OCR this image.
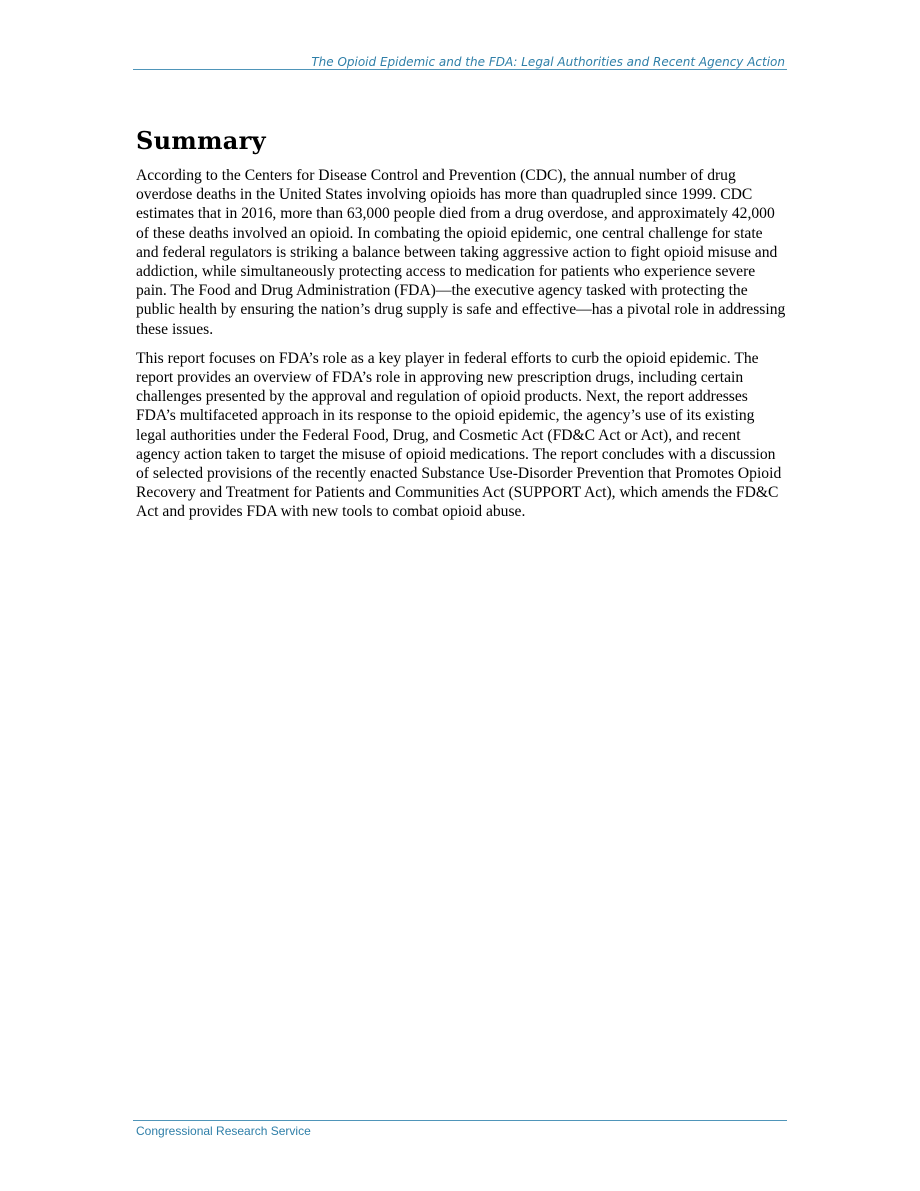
The Opioid Epidemic and the FDA: Legal Authorities and Recent Agency Action
Summary

According to the Centers for Disease Control and Prevention (CDC), the annual number of drug overdose deaths in the United States involving opioids has more than quadrupled since 1999. CDC estimates that in 2016, more than 63,000 people died from a drug overdose, and approximately 42,000 of these deaths involved an opioid. In combating the opioid epidemic, one central challenge for state and federal regulators is striking a balance between taking aggressive action to fight opioid misuse and addiction, while simultaneously protecting access to medication for patients who experience severe pain. The Food and Drug Administration (FDA)—the executive agency tasked with protecting the public health by ensuring the nation’s drug supply is safe and effective—has a pivotal role in addressing these issues.

This report focuses on FDA’s role as a key player in federal efforts to curb the opioid epidemic. The report provides an overview of FDA’s role in approving new prescription drugs, including certain challenges presented by the approval and regulation of opioid products. Next, the report addresses FDA’s multifaceted approach in its response to the opioid epidemic, the agency’s use of its existing legal authorities under the Federal Food, Drug, and Cosmetic Act (FD&C Act or Act), and recent agency action taken to target the misuse of opioid medications. The report concludes with a discussion of selected provisions of the recently enacted Substance Use-Disorder Prevention that Promotes Opioid Recovery and Treatment for Patients and Communities Act (SUPPORT Act), which amends the FD&C Act and provides FDA with new tools to combat opioid abuse.

Congressional Research Service
